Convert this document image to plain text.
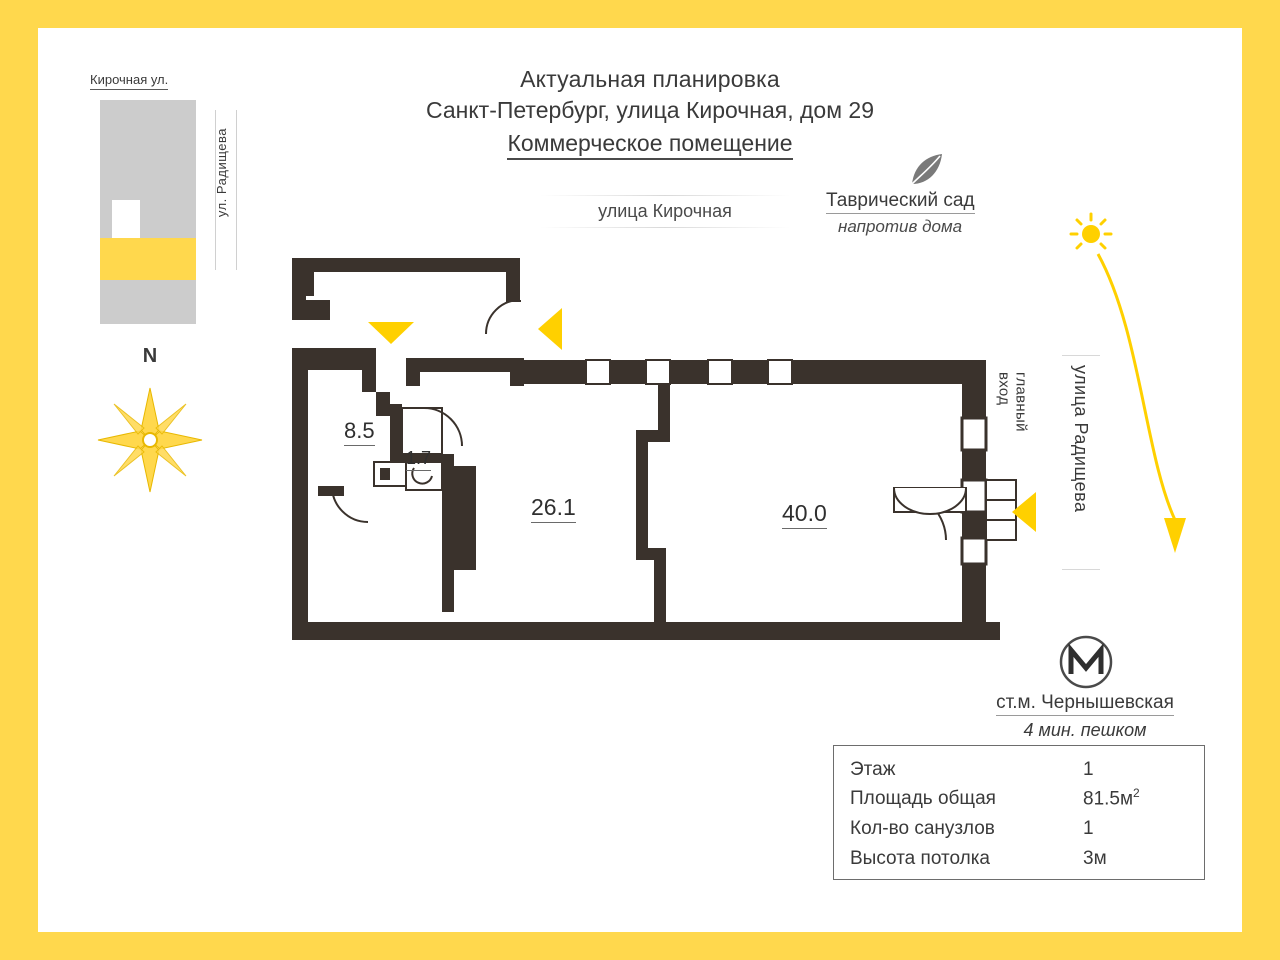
Актуальная планировка
Санкт-Петербург, улица Кирочная, дом 29
Коммерческое помещение
улица Кирочная
Кирочная ул.
ул. Радищева
N
Таврический сад
напротив дома
улица Радищева
главный
вход
ст.м. Чернышевская
4 мин. пешком
Этаж	1
Площадь общая	$81.5м^2$
Кол-во санузлов	1
Высота потолка	3м
8.5
1.7
26.1	40.0
